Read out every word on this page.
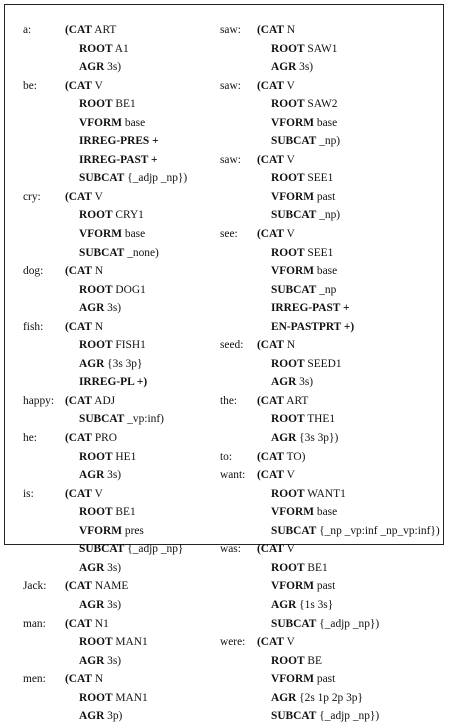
a:	(CAT ART
ROOT A1
AGR 3s)
be:	(CAT V
ROOT BE1
VFORM base
IRREG-PRES +
IRREG-PAST +
SUBCAT {_adjp _np})
cry:	(CAT V
ROOT CRY1
VFORM base
SUBCAT _none)
dog:	(CAT N
ROOT DOG1
AGR 3s)
fish:	(CAT N
ROOT FISH1
AGR {3s 3p}
IRREG-PL +)
happy: (CAT ADJ
SUBCAT _vp:inf)
he:	(CAT PRO
ROOT HE1
AGR 3s)
is:	(CAT V
ROOT BE1
VFORM pres
SUBCAT {_adjp _np}
AGR 3s)
Jack:	(CAT NAME
AGR 3s)
man:	(CAT N1
ROOT MAN1
AGR 3s)
men:	(CAT N
ROOT MAN1
AGR 3p)
saw:	(CAT N
ROOT SAW1
AGR 3s)
saw:	(CAT V
ROOT SAW2
VFORM base
SUBCAT _np)
saw:	(CAT V
ROOT SEE1
VFORM past
SUBCAT _np)
see:	(CAT V
ROOT SEE1
VFORM base
SUBCAT _np
IRREG-PAST +
EN-PASTPRT +)
seed:	(CAT N
ROOT SEED1
AGR 3s)
the:	(CAT ART
ROOT THE1
AGR {3s 3p})
to:	(CAT TO)
want:	(CAT V
ROOT WANT1
VFORM base
SUBCAT {_np _vp:inf _np_vp:inf})
was:	(CAT V
ROOT BE1
VFORM past
AGR {1s 3s}
SUBCAT {_adjp _np})
were:	(CAT V
ROOT BE
VFORM past
AGR {2s 1p 2p 3p}
SUBCAT {_adjp _np})
